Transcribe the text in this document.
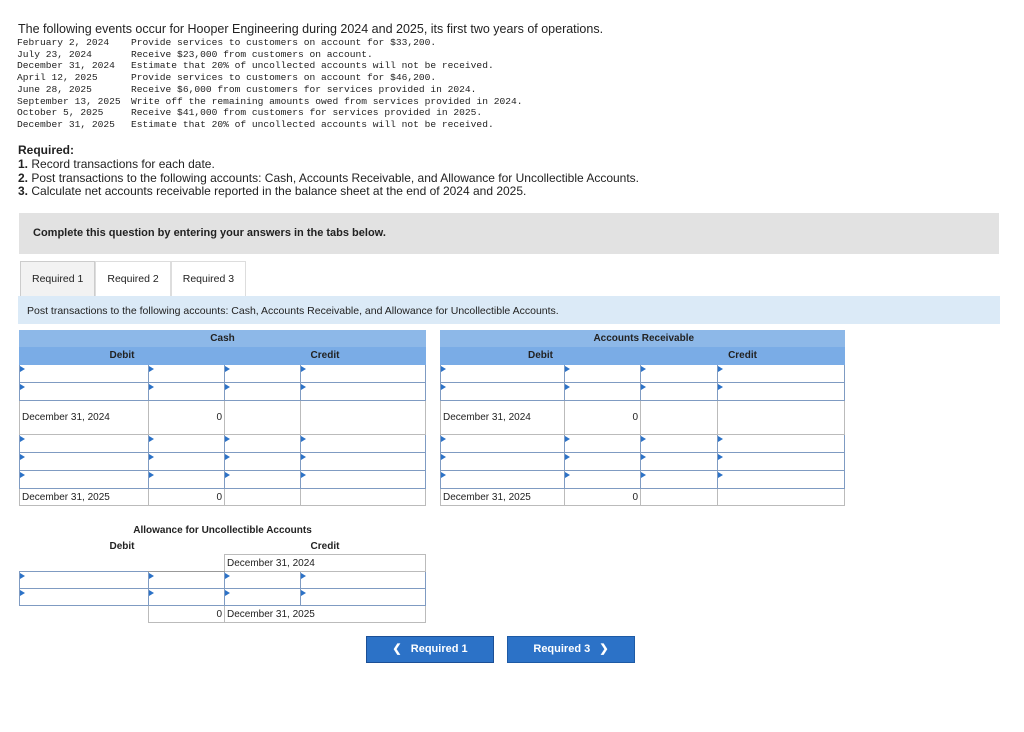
The following events occur for Hooper Engineering during 2024 and 2025, its first two years of operations.
February 2, 2024	Provide services to customers on account for $33,200.
July 23, 2024	Receive $23,000 from customers on account.
December 31, 2024	Estimate that 20% of uncollected accounts will not be received.
April 12, 2025	Provide services to customers on account for $46,200.
June 28, 2025	Receive $6,000 from customers for services provided in 2024.
September 13, 2025	Write off the remaining amounts owed from services provided in 2024.
October 5, 2025	Receive $41,000 from customers for services provided in 2025.
December 31, 2025	Estimate that 20% of uncollected accounts will not be received.
Required:
1. Record transactions for each date.
2. Post transactions to the following accounts: Cash, Accounts Receivable, and Allowance for Uncollectible Accounts.
3. Calculate net accounts receivable reported in the balance sheet at the end of 2024 and 2025.
Complete this question by entering your answers in the tabs below.
Required 1	Required 2	Required 3
Post transactions to the following accounts: Cash, Accounts Receivable, and Allowance for Uncollectible Accounts.
Cash			
Debit		Credit	

December 31, 2024	0		

December 31, 2025	0		
Accounts Receivable			
Debit		Credit	

December 31, 2024	0		

December 31, 2025	0		
Allowance for Uncollectible Accounts			
Debit		Credit	
		December 31, 2024	

	0	December 31, 2025	
❮ Required 1	Required 3 ❯
